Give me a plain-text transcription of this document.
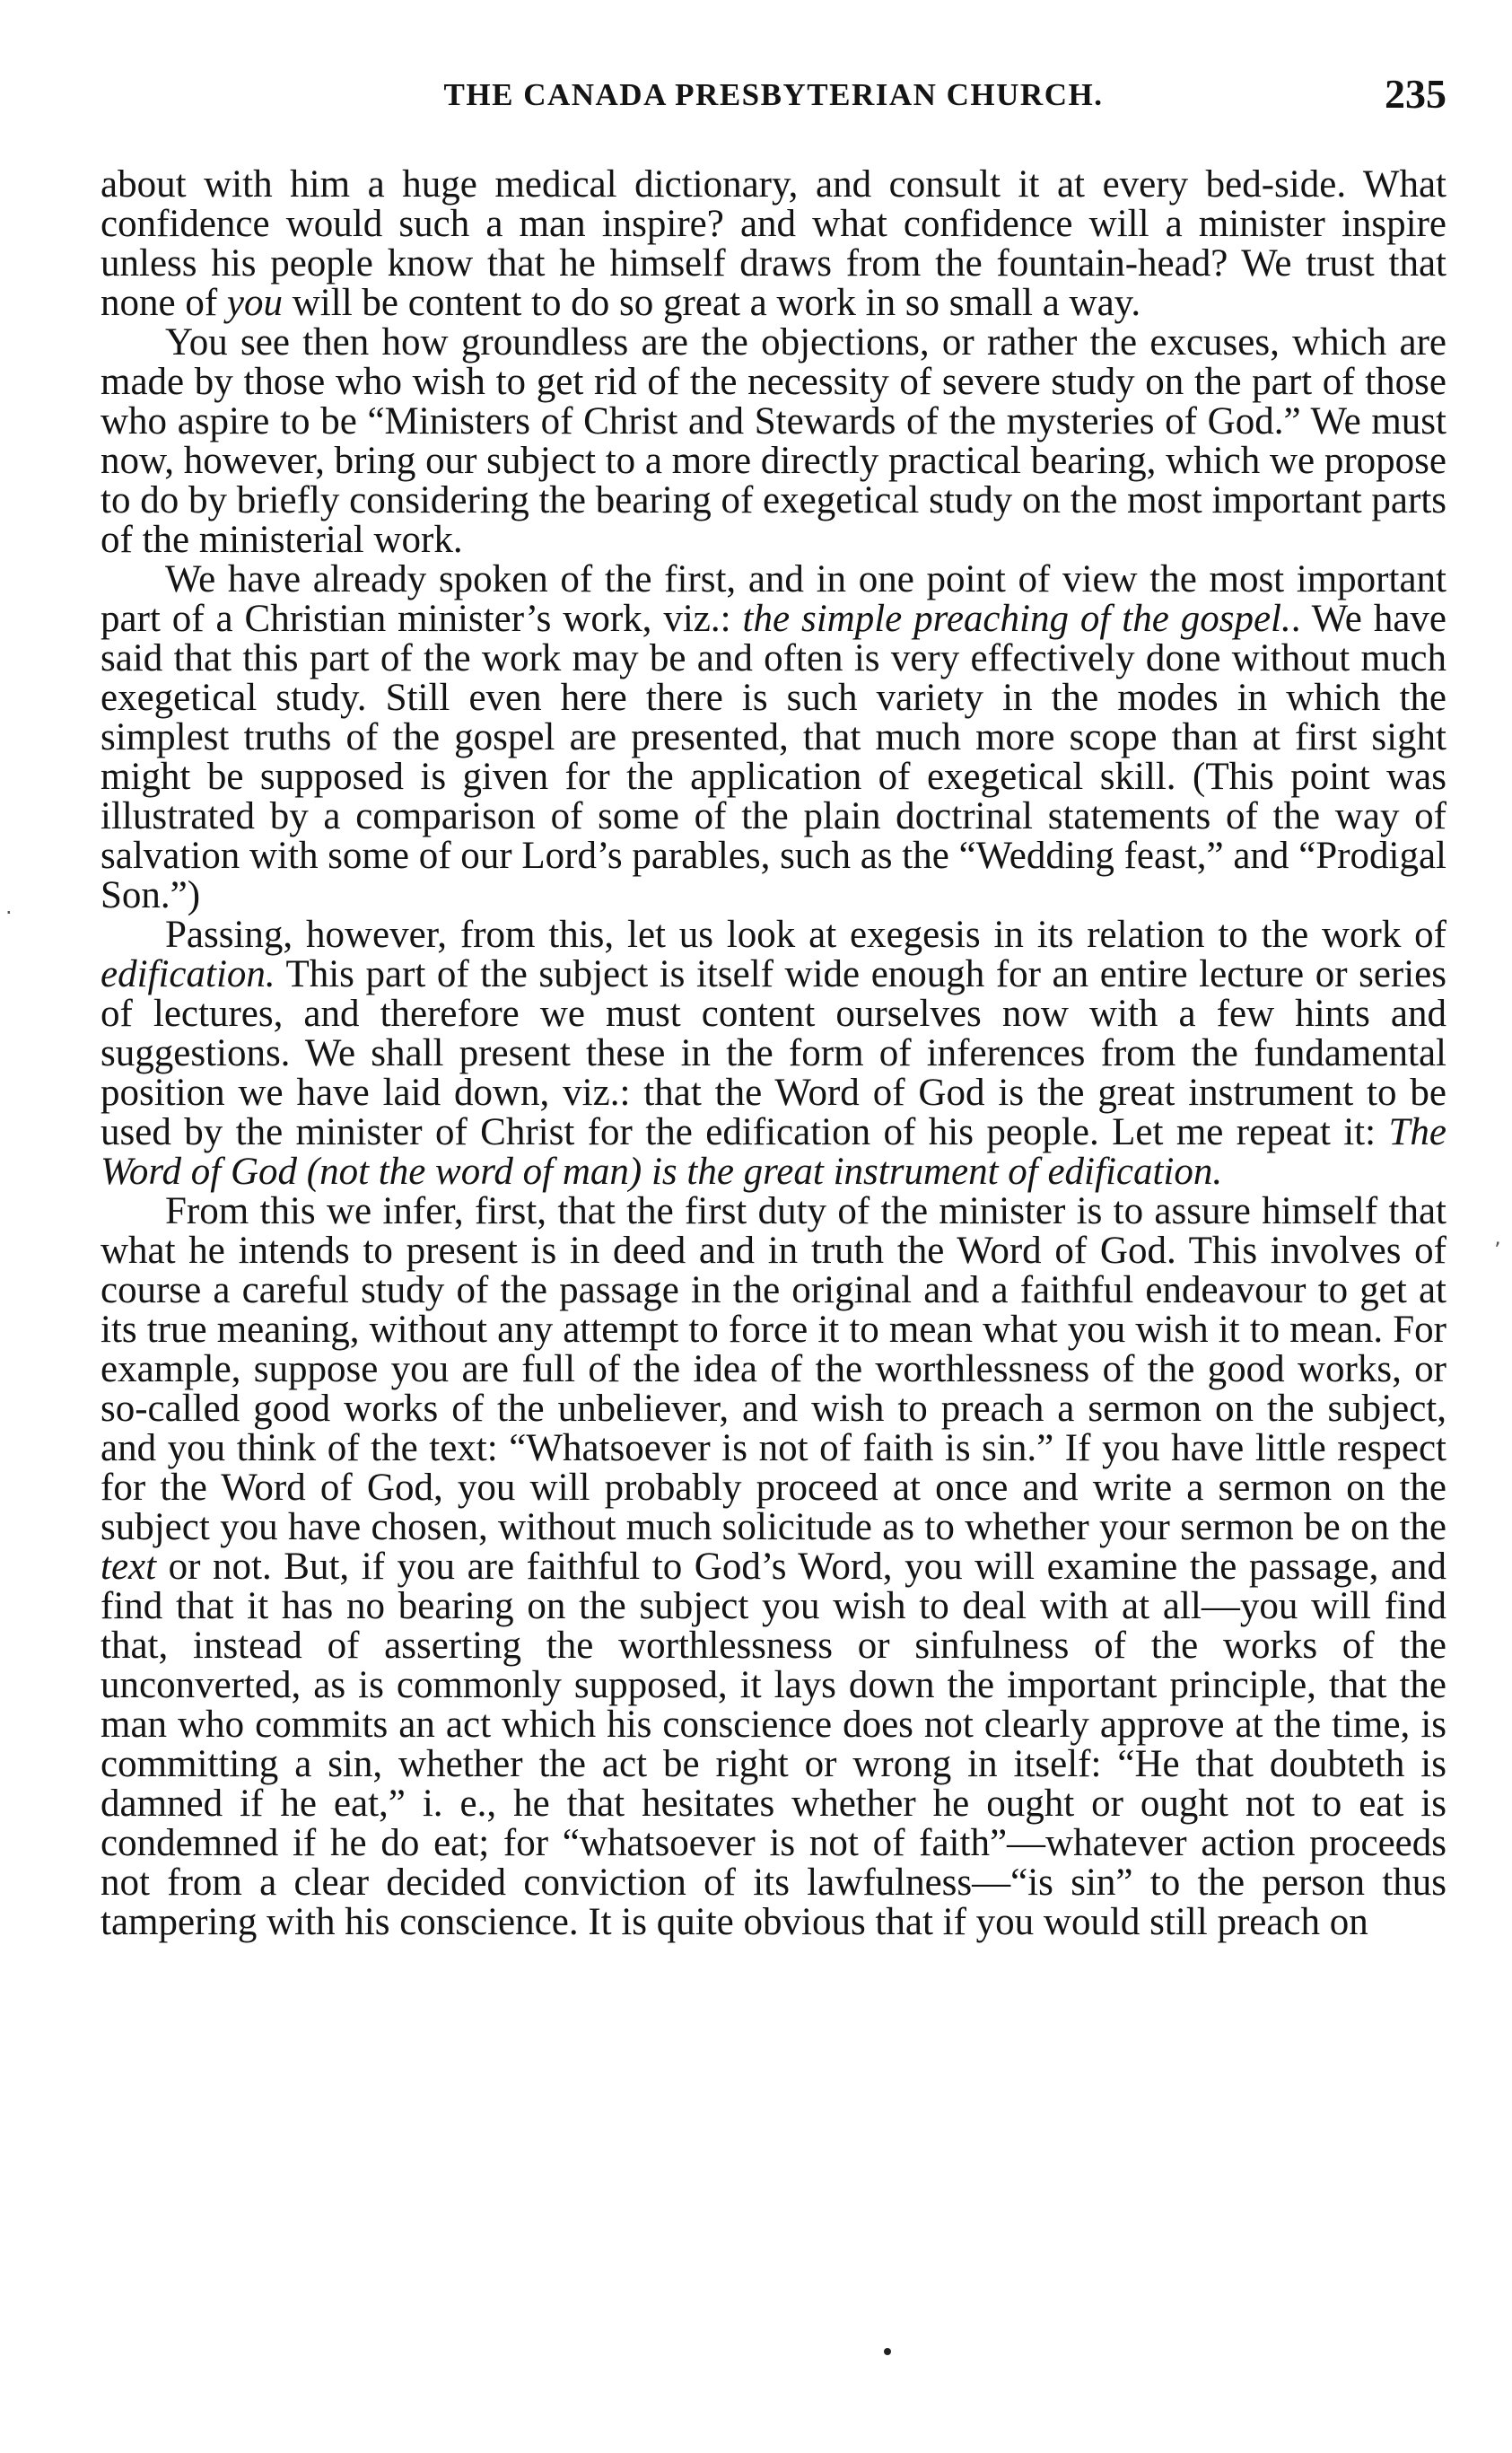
THE CANADA PRESBYTERIAN CHURCH.	235

about with him a huge medical dictionary, and consult it at every bed-side. What confidence would such a man inspire? and what confidence will a minister inspire unless his people know that he himself draws from the fountain-head? We trust that none of you will be content to do so great a work in so small a way.

You see then how groundless are the objections, or rather the excuses, which are made by those who wish to get rid of the necessity of severe study on the part of those who aspire to be “Ministers of Christ and Stewards of the mysteries of God.” We must now, however, bring our subject to a more directly practical bearing, which we propose to do by briefly considering the bearing of exegetical study on the most important parts of the ministerial work.

We have already spoken of the first, and in one point of view the most important part of a Christian minister’s work, viz.: the simple preaching of the gospel.. We have said that this part of the work may be and often is very effectively done without much exegetical study. Still even here there is such variety in the modes in which the simplest truths of the gospel are presented, that much more scope than at first sight might be supposed is given for the application of exegetical skill. (This point was illustrated by a comparison of some of the plain doctrinal statements of the way of salvation with some of our Lord’s parables, such as the “Wedding feast,” and “Prodigal Son.”)

Passing, however, from this, let us look at exegesis in its relation to the work of edification. This part of the subject is itself wide enough for an entire lecture or series of lectures, and therefore we must content ourselves now with a few hints and suggestions. We shall present these in the form of inferences from the fundamental position we have laid down, viz.: that the Word of God is the great instrument to be used by the minister of Christ for the edification of his people. Let me repeat it: The Word of God (not the word of man) is the great instrument of edification.

From this we infer, first, that the first duty of the minister is to assure himself that what he intends to present is in deed and in truth the Word of God. This involves of course a careful study of the passage in the original and a faithful endeavour to get at its true meaning, without any attempt to force it to mean what you wish it to mean. For example, suppose you are full of the idea of the worthlessness of the good works, or so-called good works of the unbeliever, and wish to preach a sermon on the subject, and you think of the text: “Whatsoever is not of faith is sin.” If you have little respect for the Word of God, you will probably proceed at once and write a sermon on the subject you have chosen, without much solicitude as to whether your sermon be on the text or not. But, if you are faithful to God’s Word, you will examine the passage, and find that it has no bearing on the subject you wish to deal with at all—you will find that, instead of asserting the worthlessness or sinfulness of the works of the unconverted, as is commonly supposed, it lays down the important principle, that the man who commits an act which his conscience does not clearly approve at the time, is committing a sin, whether the act be right or wrong in itself: “He that doubteth is damned if he eat,” i. e., he that hesitates whether he ought or ought not to eat is condemned if he do eat; for “whatsoever is not of faith”—whatever action proceeds not from a clear decided conviction of its lawfulness—“is sin” to the person thus tampering with his conscience. It is quite obvious that if you would still preach on

·
ʼ
